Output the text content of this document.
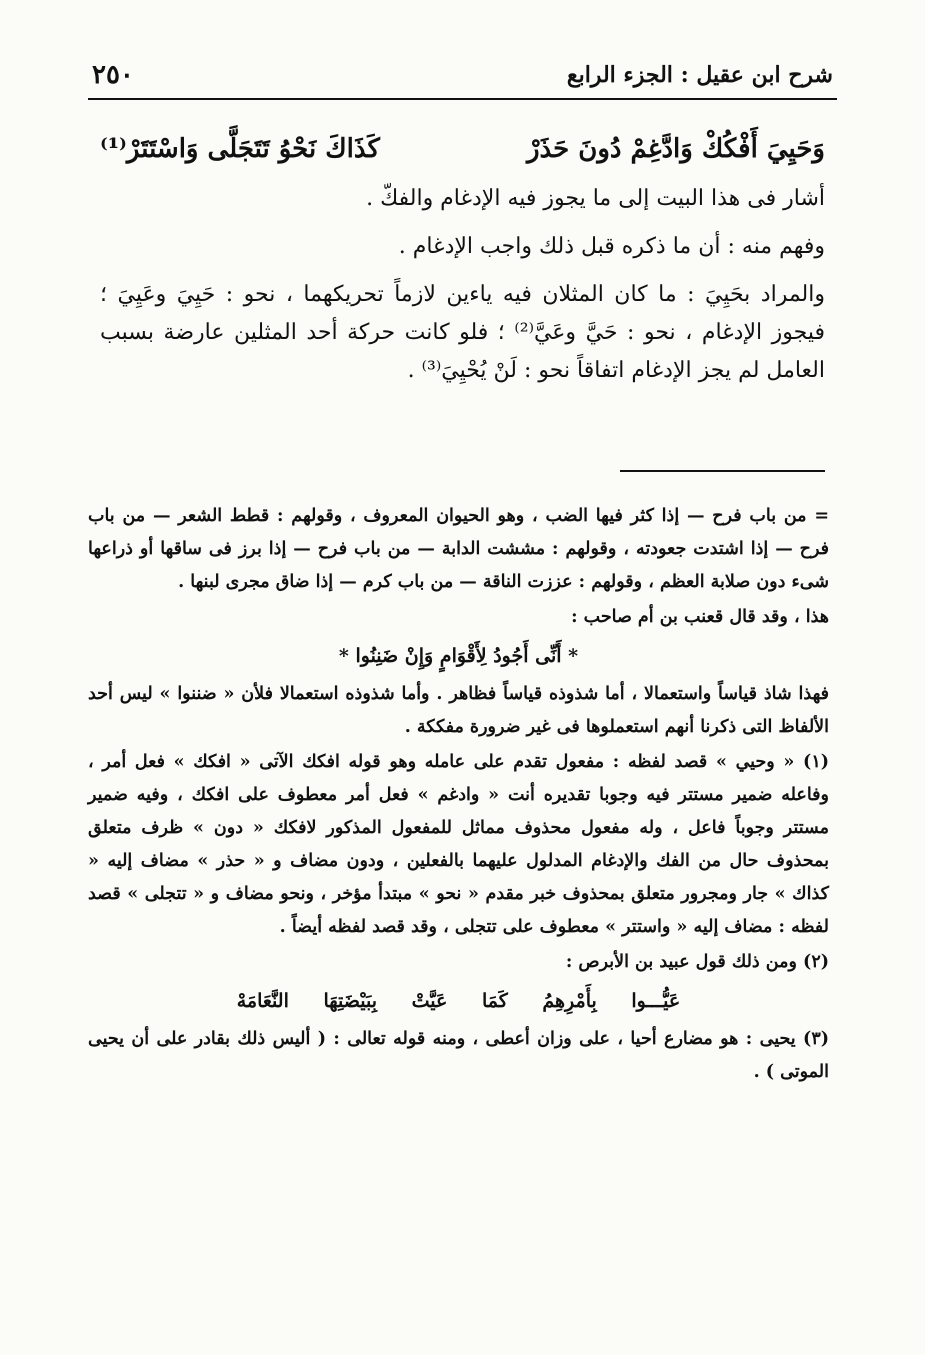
شرح ابن عقيل : الجزء الرابع
٢٥٠
وَحَيِيَ أَفْكُكْ وَادَّغِمْ دُونَ حَذَرْ
كَذَاكَ نَحْوُ تَتَجَلَّى وَاسْتَتَرْ⁽¹⁾

أشار فى هذا البيت إلى ما يجوز فيه الإدغام والفكّ .

وفهم منه : أن ما ذكره قبل ذلك واجب الإدغام .

والمراد بحَيِيَ : ما كان المثلان فيه ياءين لازماً تحريكهما ، نحو : حَيِيَ وعَيِيَ ؛ فيجوز الإدغام ، نحو : حَيَّ وعَيَّ⁽²⁾ ؛ فلو كانت حركة أحد المثلين عارضة بسبب العامل لم يجز الإدغام اتفاقاً نحو : لَنْ يُحْيِيَ⁽³⁾ .

= من باب فرح — إذا كثر فيها الضب ، وهو الحيوان المعروف ، وقولهم : قطط الشعر — من باب فرح — إذا اشتدت جعودته ، وقولهم : مششت الدابة — من باب فرح — إذا برز فى ساقها أو ذراعها شىء دون صلابة العظم ، وقولهم : عززت الناقة — من باب كرم — إذا ضاق مجرى لبنها .

هذا ، وقد قال قعنب بن أم صاحب :

* أَنِّى أَجُودُ لِأَقْوَامٍ وَإِنْ ضَنِنُوا *

فهذا شاذ قياساً واستعمالا ، أما شذوذه قياساً فظاهر . وأما شذوذه استعمالا فلأن « ضننوا » ليس أحد الألفاظ التى ذكرنا أنهم استعملوها فى غير ضرورة مفككة .

(١) « وحيي » قصد لفظه : مفعول تقدم على عامله وهو قوله افكك الآتى « افكك » فعل أمر ، وفاعله ضمير مستتر فيه وجوبا تقديره أنت « وادغم » فعل أمر معطوف على افكك ، وفيه ضمير مستتر وجوباً فاعل ، وله مفعول محذوف مماثل للمفعول المذكور لافكك « دون » ظرف متعلق بمحذوف حال من الفك والإدغام المدلول عليهما بالفعلين ، ودون مضاف و « حذر » مضاف إليه « كذاك » جار ومجرور متعلق بمحذوف خبر مقدم « نحو » مبتدأ مؤخر ، ونحو مضاف و « تتجلى » قصد لفظه : مضاف إليه « واستتر » معطوف على تتجلى ، وقد قصد لفظه أيضاً .

(٢) ومن ذلك قول عبيد بن الأبرص :

عَيُّـــوا بِأَمْرِهِمُ كَمَا عَيَّتْ بِبَيْضَتِهَا النَّعَامَهْ

(٣) يحيى : هو مضارع أحيا ، على وزان أعطى ، ومنه قوله تعالى : ( أليس ذلك بقادر على أن يحيى الموتى ) .
